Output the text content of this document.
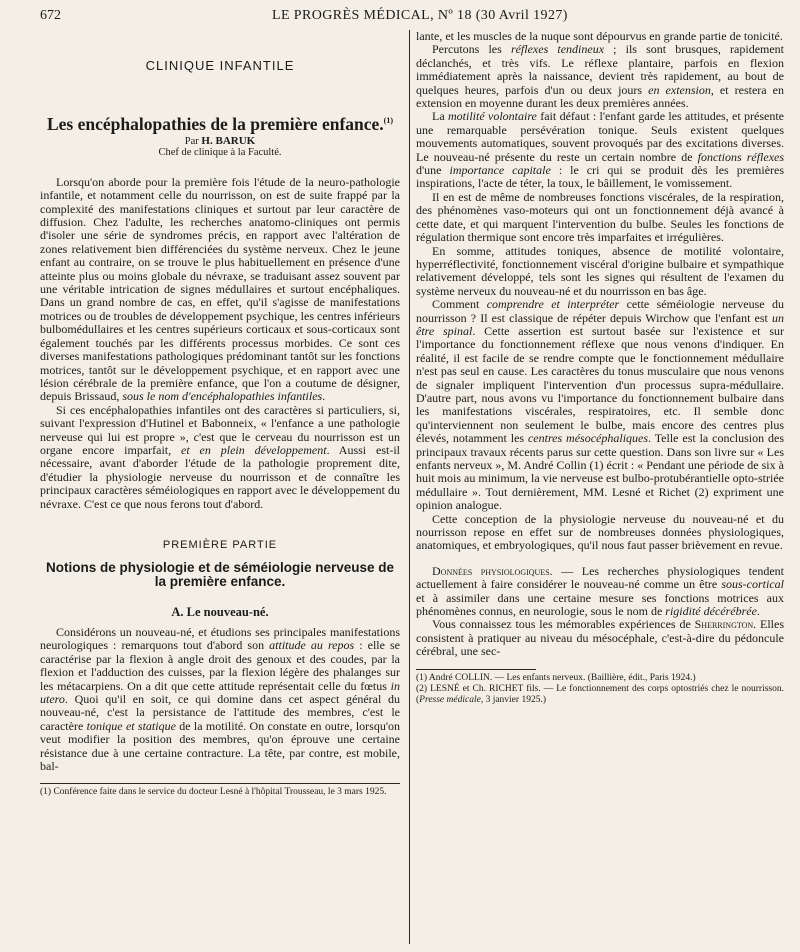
672	LE PROGRÈS MÉDICAL, Nº 18 (30 Avril 1927)
CLINIQUE INFANTILE
Les encéphalopathies de la première enfance.$^{(1)}$
Par H. BARUK
Chef de clinique à la Faculté.

Lorsqu'on aborde pour la première fois l'étude de la neuro-pathologie infantile, et notamment celle du nourrisson, on est de suite frappé par la complexité des manifestations cliniques et surtout par leur caractère de diffusion. Chez l'adulte, les recherches anatomo-cliniques ont permis d'isoler une série de syndromes précis, en rapport avec l'altération de zones relativement bien différenciées du système nerveux. Chez le jeune enfant au contraire, on se trouve le plus habituellement en présence d'une atteinte plus ou moins globale du névraxe, se traduisant assez souvent par une véritable intrication de signes médullaires et surtout encéphaliques. Dans un grand nombre de cas, en effet, qu'il s'agisse de manifestations motrices ou de troubles de développement psychique, les centres inférieurs bulbomédullaires et les centres supérieurs corticaux et sous-corticaux sont également touchés par les différents processus morbides. Ce sont ces diverses manifestations pathologiques prédominant tantôt sur les fonctions motrices, tantôt sur le développement psychique, et en rapport avec une lésion cérébrale de la première enfance, que l'on a coutume de désigner, depuis Brissaud, sous le nom d'encéphalopathies infantiles.

Si ces encéphalopathies infantiles ont des caractères si particuliers, si, suivant l'expression d'Hutinel et Babonneix, « l'enfance a une pathologie nerveuse qui lui est propre », c'est que le cerveau du nourrisson est un organe encore imparfait, et en plein développement. Aussi est-il nécessaire, avant d'aborder l'étude de la pathologie proprement dite, d'étudier la physiologie nerveuse du nourrisson et de connaître les principaux caractères séméiologiques en rapport avec le développement du névraxe. C'est ce que nous ferons tout d'abord.

PREMIÈRE PARTIE
Notions de physiologie et de séméiologie nerveuse de la première enfance.
A. Le nouveau-né.

Considérons un nouveau-né, et étudions ses principales manifestations neurologiques : remarquons tout d'abord son attitude au repos : elle se caractérise par la flexion à angle droit des genoux et des coudes, par la flexion et l'adduction des cuisses, par la flexion légère des phalanges sur les métacarpiens. On a dit que cette attitude représentait celle du fœtus in utero. Quoi qu'il en soit, ce qui domine dans cet aspect général du nouveau-né, c'est la persistance de l'attitude des membres, c'est le caractère tonique et statique de la motilité. On constate en outre, lorsqu'on veut modifier la position des membres, qu'on éprouve une certaine résistance due à une certaine contracture. La tête, par contre, est mobile, bal-

(1) Conférence faite dans le service du docteur Lesné à l'hôpital Trousseau, le 3 mars 1925.

lante, et les muscles de la nuque sont dépourvus en grande partie de tonicité.

Percutons les réflexes tendineux ; ils sont brusques, rapidement déclanchés, et très vifs. Le réflexe plantaire, parfois en flexion immédiatement après la naissance, devient très rapidement, au bout de quelques heures, parfois d'un ou deux jours en extension, et restera en extension en moyenne durant les deux premières années.

La motilité volontaire fait défaut : l'enfant garde les attitudes, et présente une remarquable persévération tonique. Seuls existent quelques mouvements automatiques, souvent provoqués par des excitations diverses. Le nouveau-né présente du reste un certain nombre de fonctions réflexes d'une importance capitale : le cri qui se produit dès les premières inspirations, l'acte de téter, la toux, le bâillement, le vomissement.

Il en est de même de nombreuses fonctions viscérales, de la respiration, des phénomènes vaso-moteurs qui ont un fonctionnement déjà avancé à cette date, et qui marquent l'intervention du bulbe. Seules les fonctions de régulation thermique sont encore très imparfaites et irrégulières.

En somme, attitudes toniques, absence de motilité volontaire, hyperréflectivité, fonctionnement viscéral d'origine bulbaire et sympathique relativement développé, tels sont les signes qui résultent de l'examen du système nerveux du nouveau-né et du nourrisson en bas âge.

Comment comprendre et interpréter cette séméiologie nerveuse du nourrisson ? Il est classique de répéter depuis Wirchow que l'enfant est un être spinal. Cette assertion est surtout basée sur l'existence et sur l'importance du fonctionnement réflexe que nous venons d'indiquer. En réalité, il est facile de se rendre compte que le fonctionnement médullaire n'est pas seul en cause. Les caractères du tonus musculaire que nous venons de signaler impliquent l'intervention d'un processus supra-médullaire. D'autre part, nous avons vu l'importance du fonctionnement bulbaire dans les manifestations viscérales, respiratoires, etc. Il semble donc qu'interviennent non seulement le bulbe, mais encore des centres plus élevés, notamment les centres mésocéphaliques. Telle est la conclusion des principaux travaux récents parus sur cette question. Dans son livre sur « Les enfants nerveux », M. André Collin (1) écrit : « Pendant une période de six à huit mois au minimum, la vie nerveuse est bulbo-protubérantielle opto-striée médullaire ». Tout dernièrement, MM. Lesné et Richet (2) expriment une opinion analogue.

Cette conception de la physiologie nerveuse du nouveau-né et du nourrisson repose en effet sur de nombreuses données physiologiques, anatomiques, et embryologiques, qu'il nous faut passer brièvement en revue.

Données physiologiques. — Les recherches physiologiques tendent actuellement à faire considérer le nouveau-né comme un être sous-cortical et à assimiler dans une certaine mesure ses fonctions motrices aux phénomènes connus, en neurologie, sous le nom de rigidité décérébrée.

Vous connaissez tous les mémorables expériences de Sherrington. Elles consistent à pratiquer au niveau du mésocéphale, c'est-à-dire du pédoncule cérébral, une sec-

(1) André COLLIN. — Les enfants nerveux. (Baillière, édit., Paris 1924.)

(2) LESNÉ et Ch. RICHET fils. — Le fonctionnement des corps optostriés chez le nourrisson. (Presse médicale, 3 janvier 1925.)
